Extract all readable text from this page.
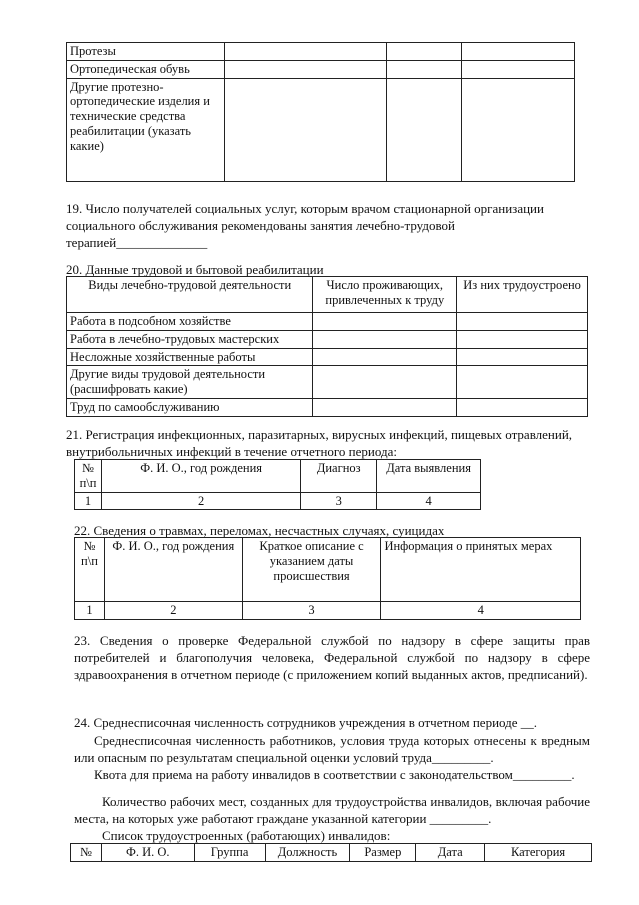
Протезы			
Ортопедическая обувь			
Другие протезно-ортопедические изделия и технические средства реабилитации (указать какие)			
19. Число получателей социальных услуг, которым врачом стационарной организации социального обслуживания рекомендованы занятия лечебно-трудовой терапией______________
20. Данные трудовой и бытовой реабилитации
Виды лечебно-трудовой деятельности	Число проживающих, привлеченных к труду	Из них трудоустроено
Работа в подсобном хозяйстве		
Работа в лечебно-трудовых мастерских		
Несложные хозяйственные работы		
Другие виды трудовой деятельности (расшифровать какие)		
Труд по самообслуживанию		
21. Регистрация инфекционных, паразитарных, вирусных инфекций, пищевых отравлений, внутрибольничных инфекций в течение отчетного периода:
№ п\п	Ф. И. О., год рождения	Диагноз	Дата выявления
1	2	3	4
22. Сведения о травмах, переломах, несчастных случаях, суицидах
№ п\п	Ф. И. О., год рождения	Краткое описание с указанием даты происшествия	Информация о принятых мерах
1	2	3	4
23. Сведения о проверке Федеральной службой по надзору в сфере защиты прав потребителей и благополучия человека, Федеральной службой по надзору в сфере здравоохранения в отчетном периоде (с приложением копий выданных актов, предписаний).
24. Среднесписочная численность сотрудников учреждения в отчетном периоде __.
Среднесписочная численность работников, условия труда которых отнесены к вредным или опасным по результатам специальной оценки условий труда_________.
Квота для приема на работу инвалидов в соответствии с законодательством_________.
Количество рабочих мест, созданных для трудоустройства инвалидов, включая рабочие места, на которых уже работают граждане указанной категории _________.
Список трудоустроенных (работающих) инвалидов:
№	Ф. И. О.	Группа	Должность	Размер	Дата	Категория
